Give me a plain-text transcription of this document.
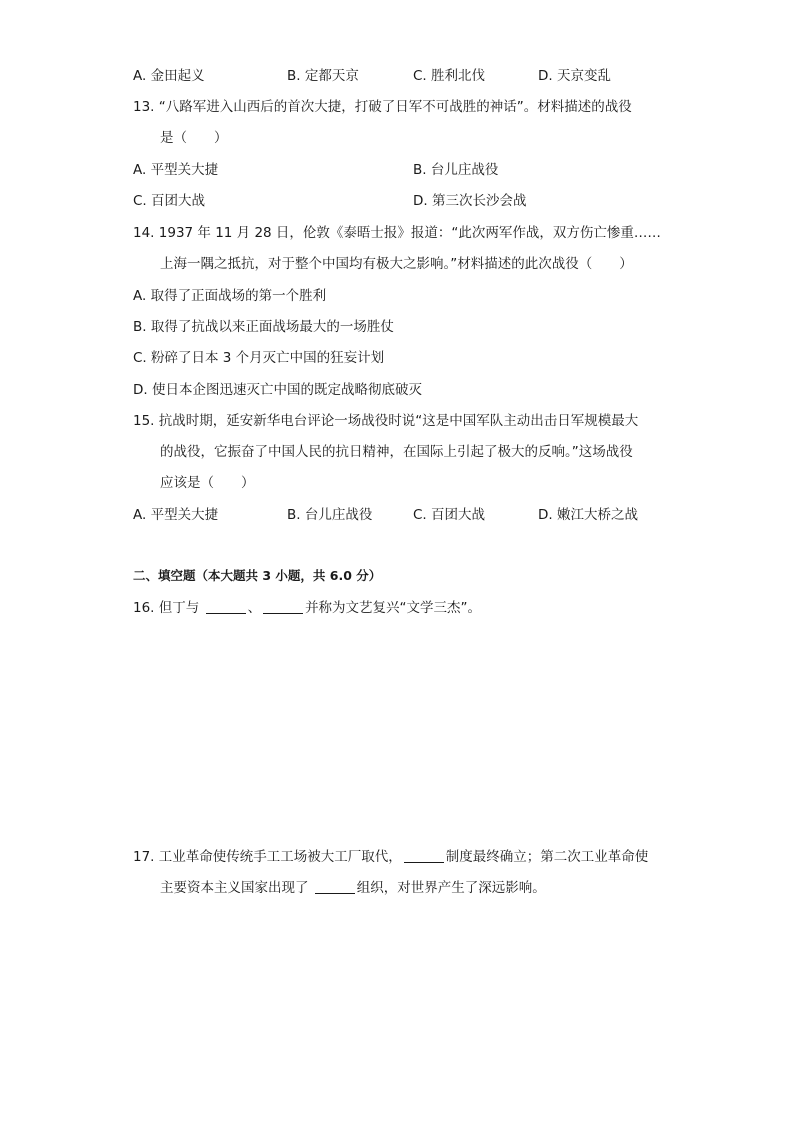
A. 金田起义	B. 定都天京	C. 胜利北伐	D. 天京变乱
13. “八路军进入山西后的首次大捷，打破了日军不可战胜的神话”。材料描述的战役
是（　　）
A. 平型关大捷	B. 台儿庄战役
C. 百团大战	D. 第三次长沙会战
14. 1937 年 11 月 28 日，伦敦《泰晤士报》报道：“此次两军作战，双方伤亡惨重……
上海一隅之抵抗，对于整个中国均有极大之影响。”材料描述的此次战役（　　）
A. 取得了正面战场的第一个胜利
B. 取得了抗战以来正面战场最大的一场胜仗
C. 粉碎了日本 3 个月灭亡中国的狂妄计划
D. 使日本企图迅速灭亡中国的既定战略彻底破灭
15. 抗战时期，延安新华电台评论一场战役时说“这是中国军队主动出击日军规模最大
的战役，它振奋了中国人民的抗日精神，在国际上引起了极大的反响。”这场战役
应该是（　　）
A. 平型关大捷	B. 台儿庄战役	C. 百团大战	D. 嫩江大桥之战
二、填空题（本大题共 3 小题，共 6.0 分）
16. 但丁与	、	并称为文艺复兴“文学三杰”。
17. 工业革命使传统手工工场被大工厂取代，	制度最终确立；第二次工业革命使
主要资本主义国家出现了	组织，对世界产生了深远影响。
